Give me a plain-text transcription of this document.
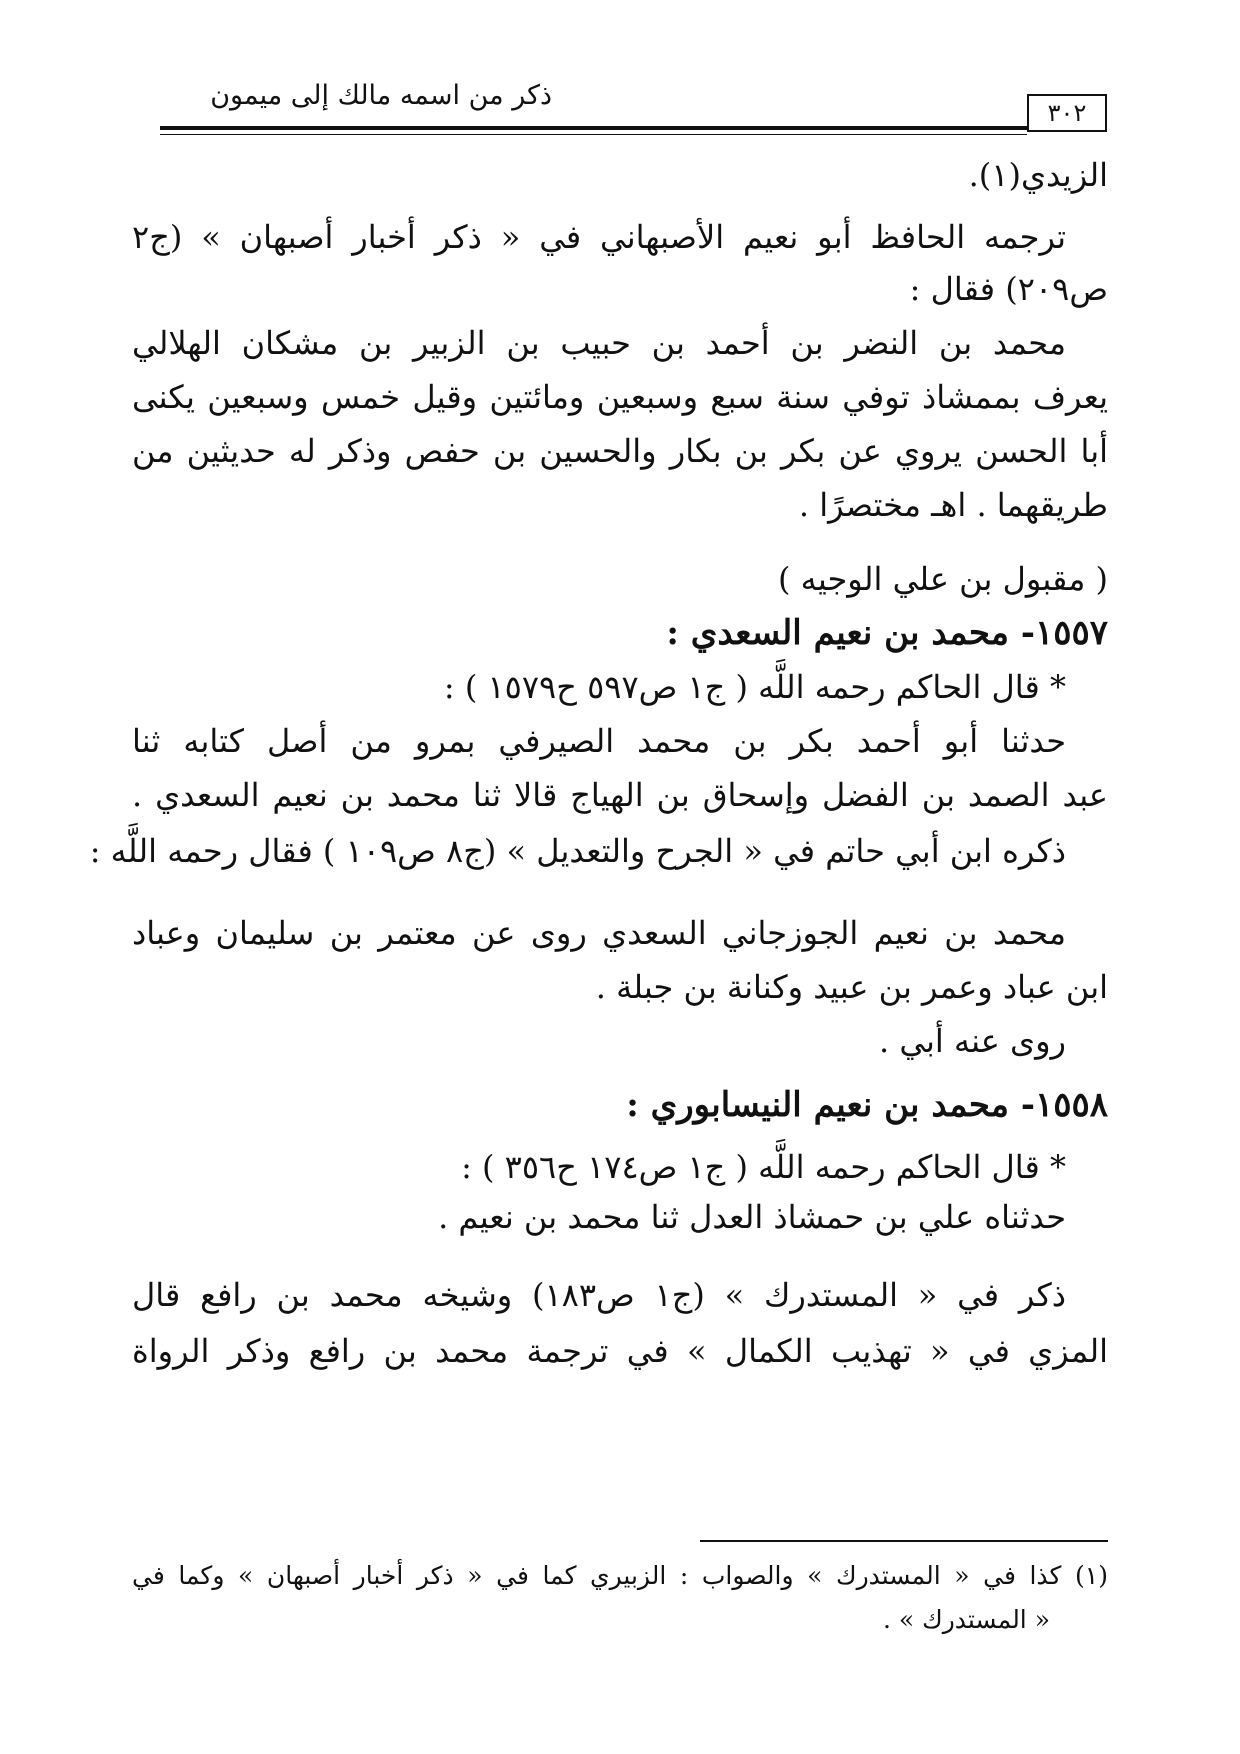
ذكر من اسمه مالك إلى ميمون
٣٠٢
الزيدي(١).
ترجمه الحافظ أبو نعيم الأصبهاني في « ذكر أخبار أصبهان » (ج٢
ص٢٠٩) فقال :
محمد بن النضر بن أحمد بن حبيب بن الزبير بن مشكان الهلالي
يعرف بممشاذ توفي سنة سبع وسبعين ومائتين وقيل خمس وسبعين يكنى
أبا الحسن يروي عن بكر بن بكار والحسين بن حفص وذكر له حديثين من
طريقهما . اهـ مختصرًا .
( مقبول بن علي الوجيه )
١٥٥٧- محمد بن نعيم السعدي :
* قال الحاكم رحمه اللَّه ( ج١ ص٥٩٧ ح١٥٧٩ ) :
حدثنا أبو أحمد بكر بن محمد الصيرفي بمرو من أصل كتابه ثنا
عبد الصمد بن الفضل وإسحاق بن الهياج قالا ثنا محمد بن نعيم السعدي .
ذكره ابن أبي حاتم في « الجرح والتعديل » (ج٨ ص١٠٩ ) فقال رحمه اللَّه :
محمد بن نعيم الجوزجاني السعدي روى عن معتمر بن سليمان وعباد
ابن عباد وعمر بن عبيد وكنانة بن جبلة .
روى عنه أبي .
١٥٥٨- محمد بن نعيم النيسابوري :
* قال الحاكم رحمه اللَّه ( ج١ ص١٧٤ ح٣٥٦ ) :
حدثناه علي بن حمشاذ العدل ثنا محمد بن نعيم .
ذكر في « المستدرك » (ج١ ص١٨٣) وشيخه محمد بن رافع قال
المزي في « تهذيب الكمال » في ترجمة محمد بن رافع وذكر الرواة
(١) كذا في « المستدرك » والصواب : الزبيري كما في « ذكر أخبار أصبهان » وكما في
« المستدرك » .
